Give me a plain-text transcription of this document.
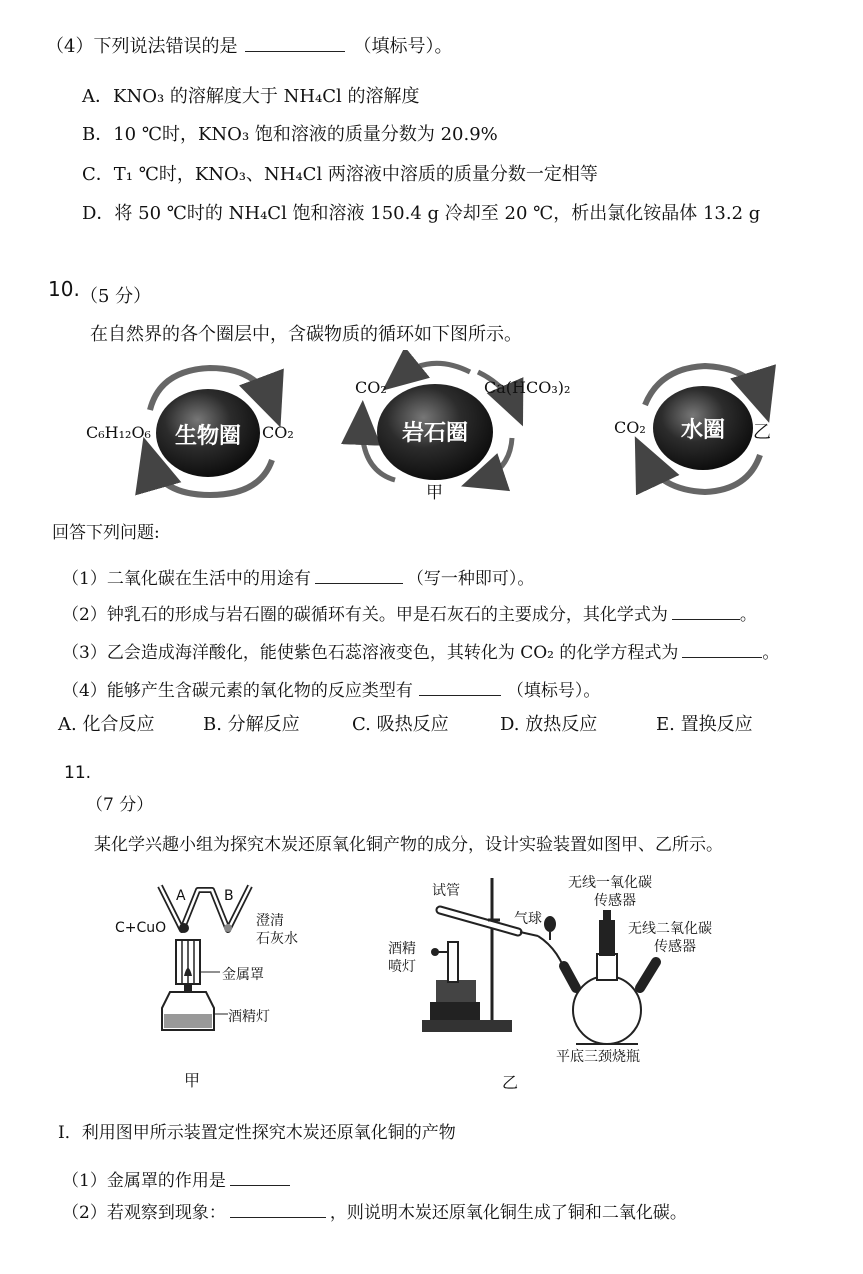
（4）下列说法错误的是	（填标号）。
A．KNO₃ 的溶解度大于 NH₄Cl 的溶解度
B．10 ℃时，KNO₃ 饱和溶液的质量分数为 20.9%
C．T₁ ℃时，KNO₃、NH₄Cl 两溶液中溶质的质量分数一定相等
D．将 50 ℃时的 NH₄Cl 饱和溶液 150.4 g 冷却至 20 ℃，析出氯化铵晶体 13.2 g
10. （5 分）
在自然界的各个圈层中，含碳物质的循环如下图所示。
生物圈
C₆H₁₂O₆	CO₂	岩石圈
CO₂	Ca(HCO₃)₂
甲
水圈
CO₂	乙
回答下列问题:
（1）二氧化碳在生活中的用途有	（写一种即可）。
（2）钟乳石的形成与岩石圈的碳循环有关。甲是石灰石的主要成分，其化学式为	。
（3）乙会造成海洋酸化，能使紫色石蕊溶液变色，其转化为 CO₂ 的化学方程式为	。
（4）能够产生含碳元素的氧化物的反应类型有	（填标号）。
A. 化合反应	B. 分解反应	C. 吸热反应	D. 放热反应	E. 置换反应
11.
（7 分）
某化学兴趣小组为探究木炭还原氧化铜产物的成分，设计实验装置如图甲、乙所示。
A	B
C+CuO	澄清
石灰水
金属罩
酒精灯
甲
试管
气球
酒精
喷灯
无线一氧化碳
传感器
无线二氧化碳
传感器
平底三颈烧瓶
乙
Ⅰ．利用图甲所示装置定性探究木炭还原氧化铜的产物
（1）金属罩的作用是
（2）若观察到现象：	，则说明木炭还原氧化铜生成了铜和二氧化碳。
